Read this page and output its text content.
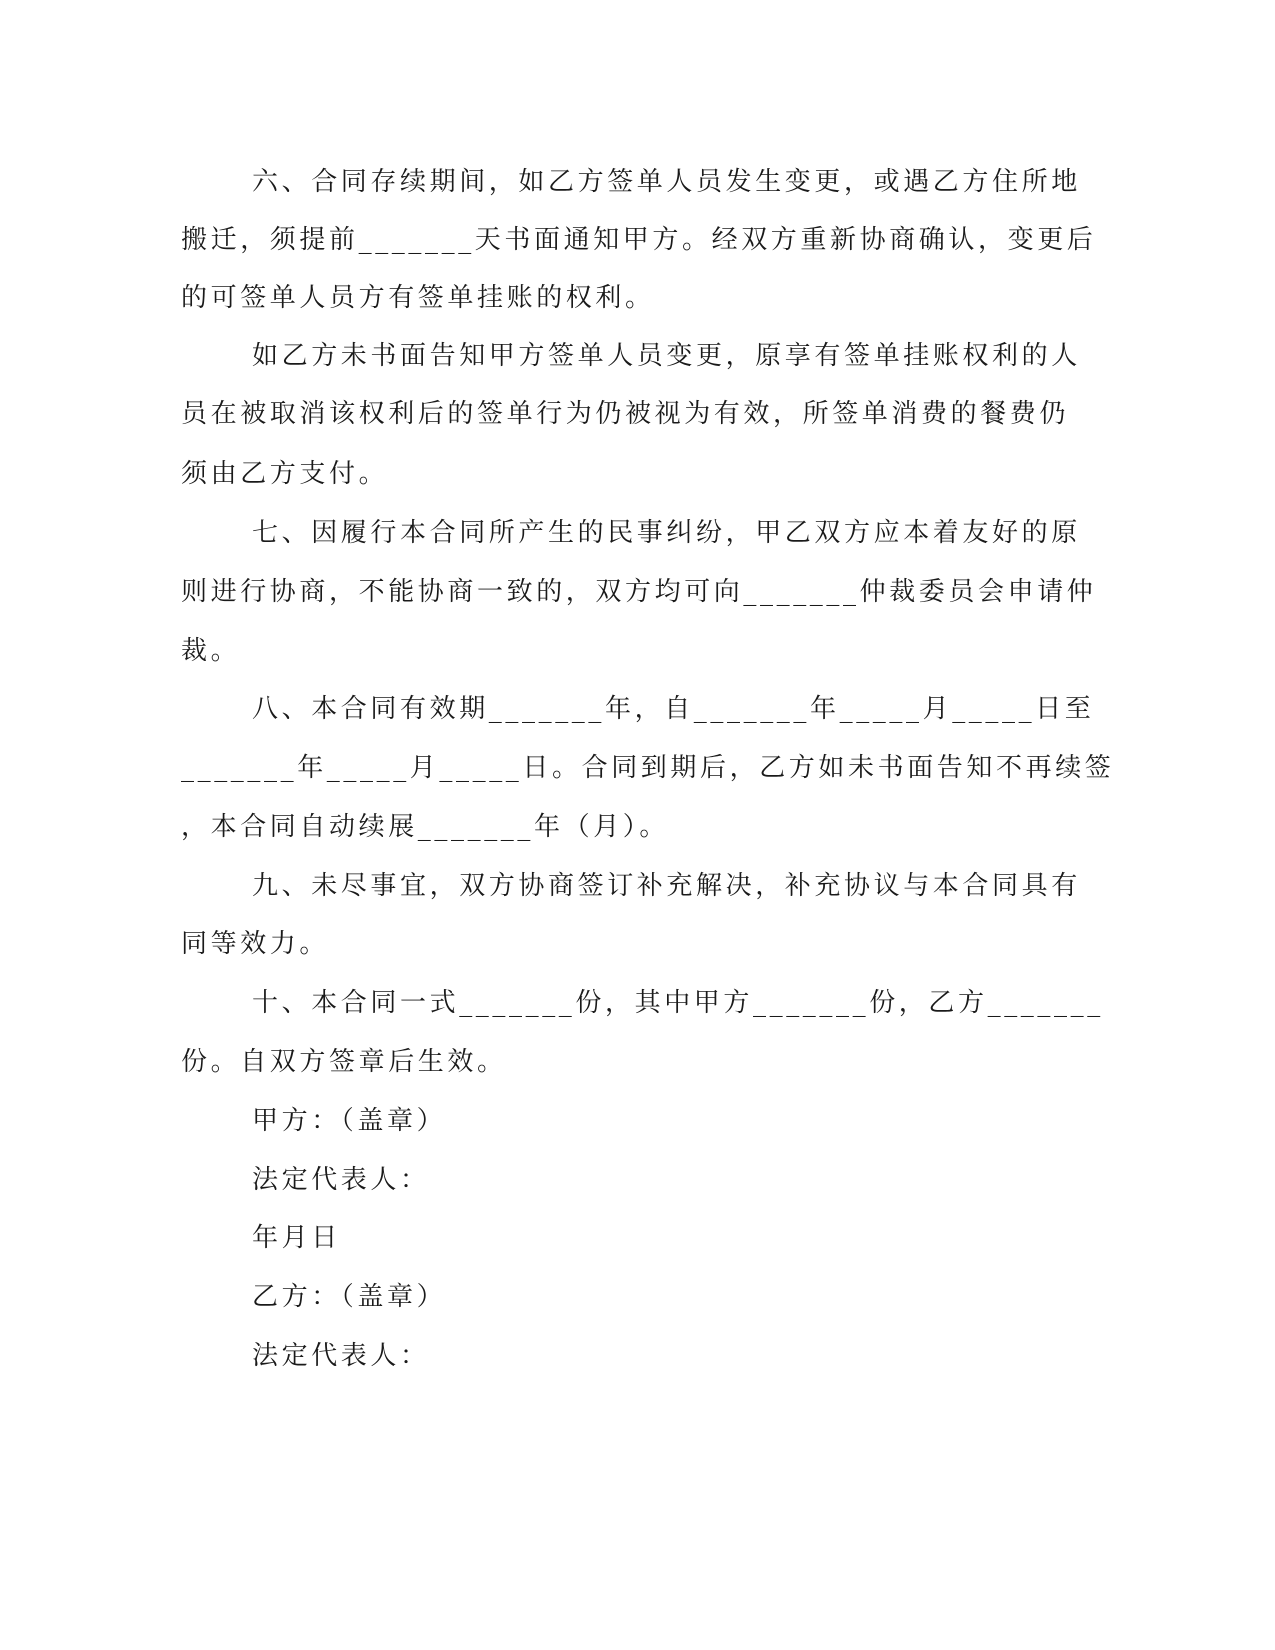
六、合同存续期间，如乙方签单人员发生变更，或遇乙方住所地
搬迁，须提前_______天书面通知甲方。经双方重新协商确认，变更后
的可签单人员方有签单挂账的权利。
如乙方未书面告知甲方签单人员变更，原享有签单挂账权利的人
员在被取消该权利后的签单行为仍被视为有效，所签单消费的餐费仍
须由乙方支付。
七、因履行本合同所产生的民事纠纷，甲乙双方应本着友好的原
则进行协商，不能协商一致的，双方均可向_______仲裁委员会申请仲
裁。
八、本合同有效期_______年，自_______年_____月_____日至
_______年_____月_____日。合同到期后，乙方如未书面告知不再续签
，本合同自动续展_______年（月）。
九、未尽事宜，双方协商签订补充解决，补充协议与本合同具有
同等效力。
十、本合同一式_______份，其中甲方_______份，乙方_______
份。自双方签章后生效。
甲方：（盖章）
法定代表人：
年月日
乙方：（盖章）
法定代表人：
